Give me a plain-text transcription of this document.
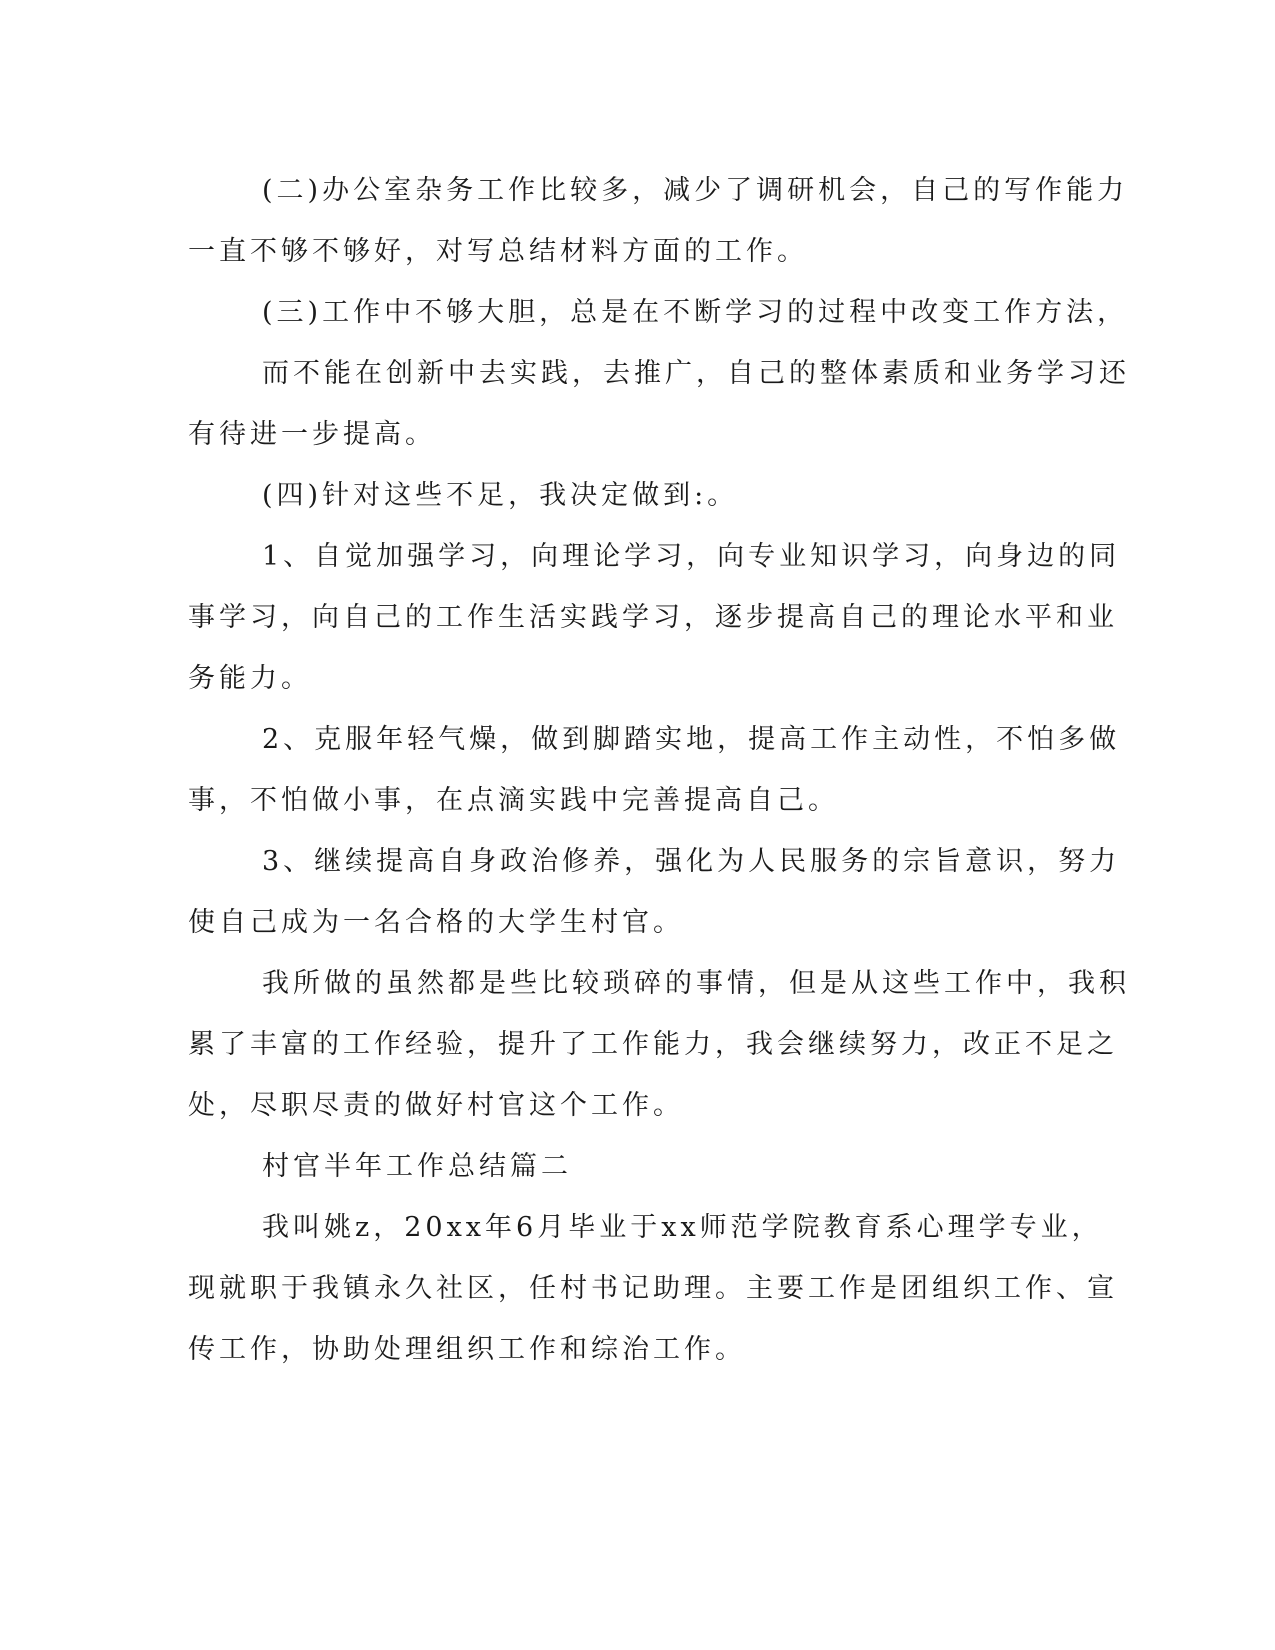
(二)办公室杂务工作比较多，减少了调研机会，自己的写作能力
一直不够不够好，对写总结材料方面的工作。
(三)工作中不够大胆，总是在不断学习的过程中改变工作方法，
而不能在创新中去实践，去推广，自己的整体素质和业务学习还
有待进一步提高。
(四)针对这些不足，我决定做到:。
1、自觉加强学习，向理论学习，向专业知识学习，向身边的同
事学习，向自己的工作生活实践学习，逐步提高自己的理论水平和业
务能力。
2、克服年轻气燥，做到脚踏实地，提高工作主动性，不怕多做
事，不怕做小事，在点滴实践中完善提高自己。
3、继续提高自身政治修养，强化为人民服务的宗旨意识，努力
使自己成为一名合格的大学生村官。
我所做的虽然都是些比较琐碎的事情，但是从这些工作中，我积
累了丰富的工作经验，提升了工作能力，我会继续努力，改正不足之
处，尽职尽责的做好村官这个工作。
村官半年工作总结篇二
我叫姚z，20xx年6月毕业于xx师范学院教育系心理学专业，
现就职于我镇永久社区，任村书记助理。主要工作是团组织工作、宣
传工作，协助处理组织工作和综治工作。
